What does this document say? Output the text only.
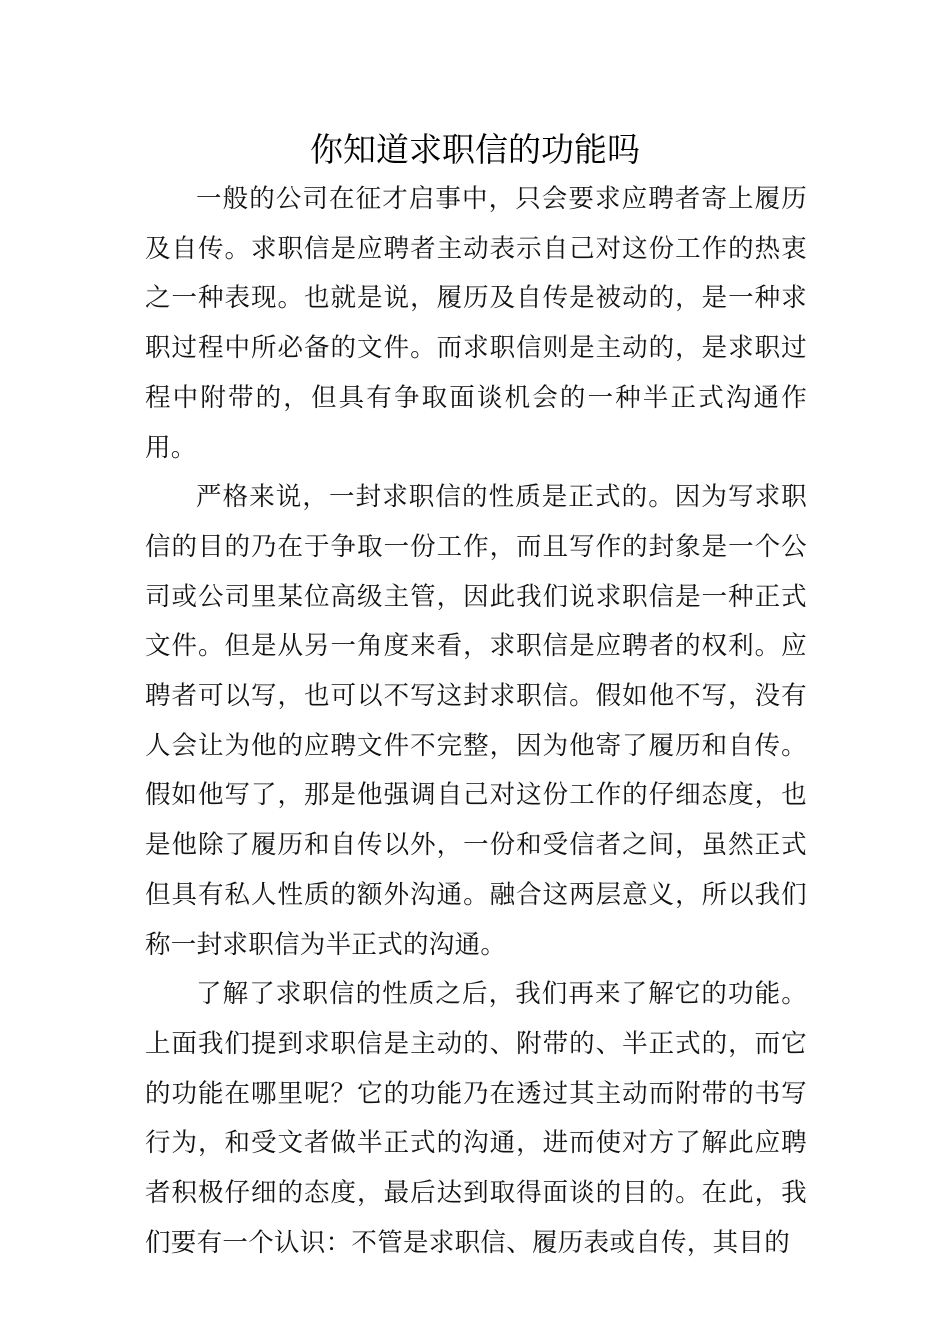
你知道求职信的功能吗

一般的公司在征才启事中，只会要求应聘者寄上履历及自传。求职信是应聘者主动表示自己对这份工作的热衷之一种表现。也就是说，履历及自传是被动的，是一种求职过程中所必备的文件。而求职信则是主动的，是求职过程中附带的，但具有争取面谈机会的一种半正式沟通作用。

严格来说，一封求职信的性质是正式的。因为写求职信的目的乃在于争取一份工作，而且写作的封象是一个公司或公司里某位高级主管，因此我们说求职信是一种正式文件。但是从另一角度来看，求职信是应聘者的权利。应聘者可以写，也可以不写这封求职信。假如他不写，没有人会让为他的应聘文件不完整，因为他寄了履历和自传。假如他写了，那是他强调自己对这份工作的仔细态度，也是他除了履历和自传以外，一份和受信者之间，虽然正式但具有私人性质的额外沟通。融合这两层意义，所以我们称一封求职信为半正式的沟通。

了解了求职信的性质之后，我们再来了解它的功能。上面我们提到求职信是主动的、附带的、半正式的，而它的功能在哪里呢？它的功能乃在透过其主动而附带的书写行为，和受文者做半正式的沟通，进而使对方了解此应聘者积极仔细的态度，最后达到取得面谈的目的。在此，我们要有一个认识：不管是求职信、履历表或自传，其目的
